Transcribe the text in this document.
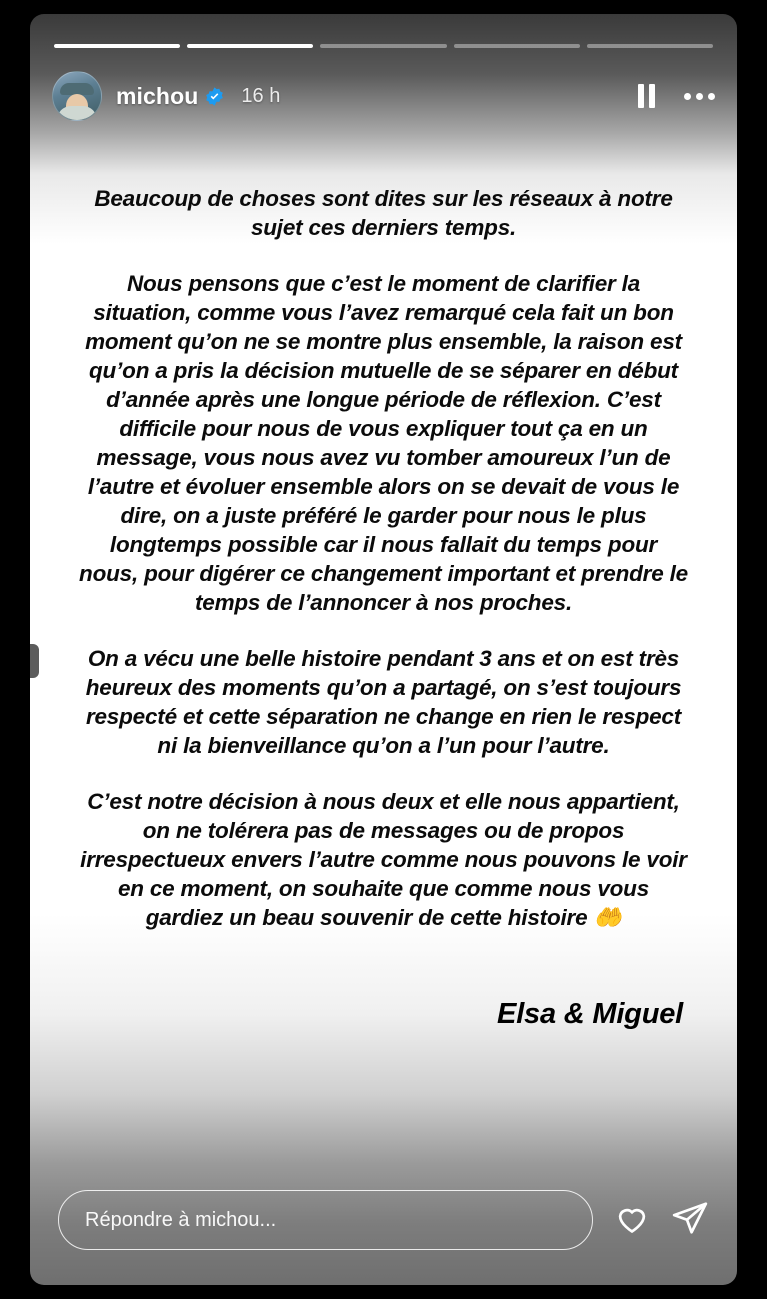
michou 16 h

Beaucoup de choses sont dites sur les réseaux à notre sujet ces derniers temps.

Nous pensons que c’est le moment de clarifier la situation, comme vous l’avez remarqué cela fait un bon moment qu’on ne se montre plus ensemble, la raison est qu’on a pris la décision mutuelle de se séparer en début d’année après une longue période de réflexion. C’est difficile pour nous de vous expliquer tout ça en un message, vous nous avez vu tomber amoureux l’un de l’autre et évoluer ensemble alors on se devait de vous le dire, on a juste préféré le garder pour nous le plus longtemps possible car il nous fallait du temps pour nous, pour digérer ce changement important et prendre le temps de l’annoncer à nos proches.

On a vécu une belle histoire pendant 3 ans et on est très heureux des moments qu’on a partagé, on s’est toujours respecté et cette séparation ne change en rien le respect ni la bienveillance qu’on a l’un pour l’autre.

C’est notre décision à nous deux et elle nous appartient, on ne tolérera pas de messages ou de propos irrespectueux envers l’autre comme nous pouvons le voir en ce moment, on souhaite que comme nous vous gardiez un beau souvenir de cette histoire 🤲

Elsa & Miguel

Répondre à michou...
